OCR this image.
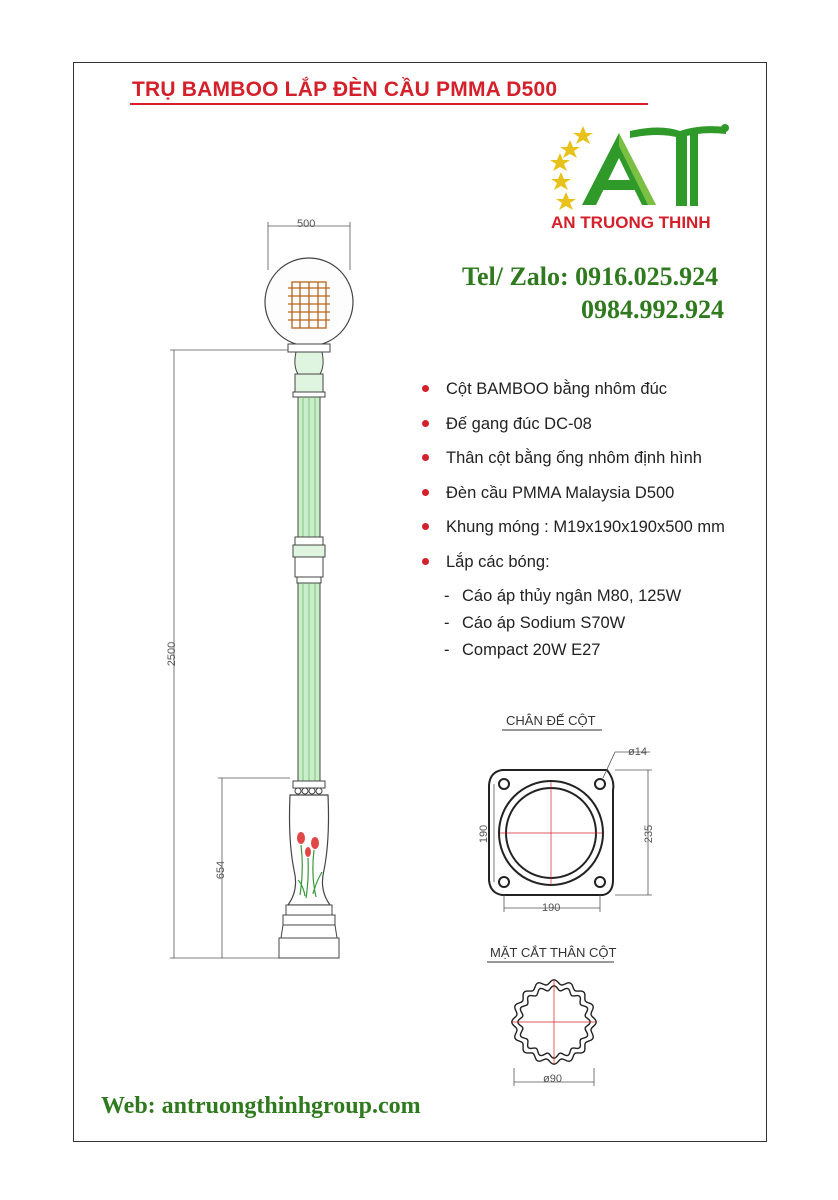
TRỤ BAMBOO LẮP ĐÈN CẦU PMMA D500
AN TRUONG THINH
Tel/ Zalo: 0916.025.924
0984.992.924
Cột BAMBOO bằng nhôm đúc
Đế gang đúc DC-08
Thân cột bằng ống nhôm định hình
Đèn cầu PMMA Malaysia D500
Khung móng : M19x190x190x500 mm
Lắp các bóng:
- Cáo áp thủy ngân M80, 125W
- Cáo áp Sodium S70W
- Compact 20W E27
500
2500
654
CHÂN ĐẾ CỘT
ø14
190	235
190
MẶT CẮT THÂN CỘT
ø90
Web: antruongthinhgroup.com
